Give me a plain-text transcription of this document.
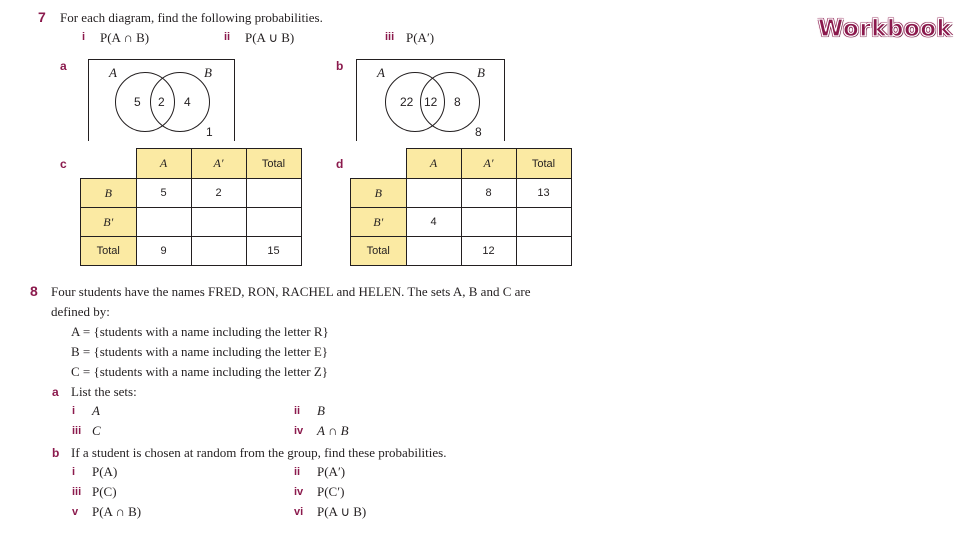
Workbook
7 For each diagram, find the following probabilities.
i P(A ∩ B)	ii P(A ∪ B)	iii P(A′)
a	A	B
5 2 4
1
b	A	B
22 12 8
8
c
		A	A′	Total
B	5	2	
B′			
Total	9		15
d
		A	A′	Total
B		8	13
B′	4		
Total		12	
8 Four students have the names FRED, RON, RACHEL and HELEN. The sets A, B and C are
defined by:
A = {students with a name including the letter R}
B = {students with a name including the letter E}
C = {students with a name including the letter Z}
a List the sets:
i A	ii B
iii C	iv A ∩ B
b If a student is chosen at random from the group, find these probabilities.
i P(A)	ii P(A′)
iii P(C)	iv P(C′)
v P(A ∩ B)	vi P(A ∪ B)
